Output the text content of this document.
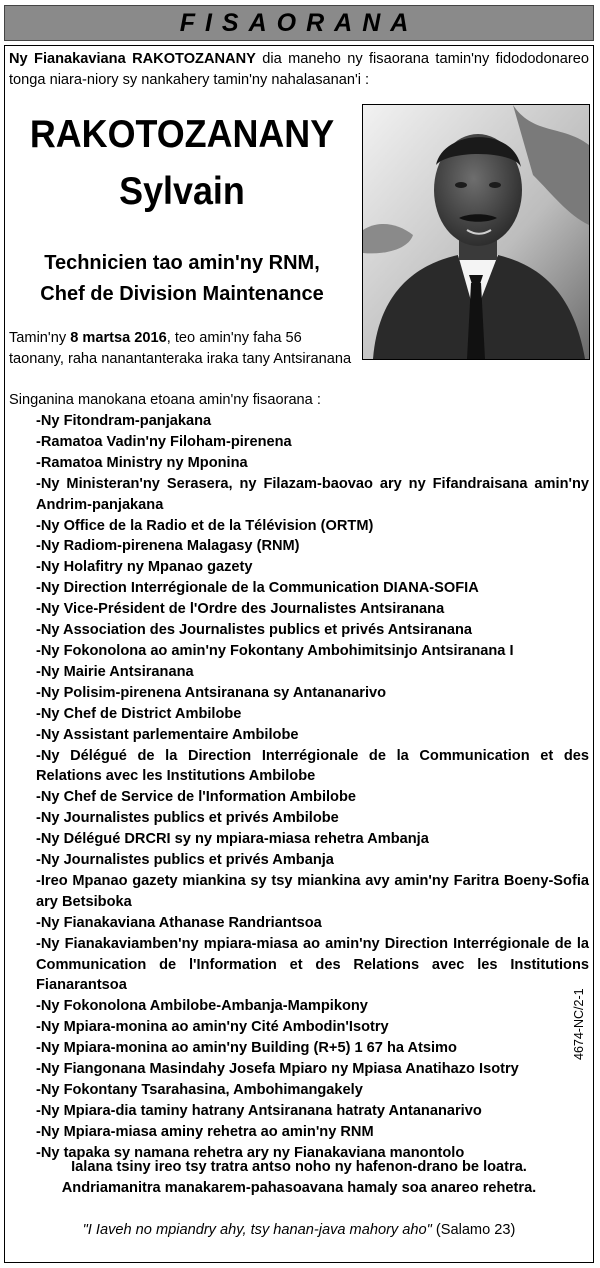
FISAORANA
Ny Fianakaviana RAKOTOZANANY dia maneho ny fisaorana tamin'ny fidododonareo tonga niara-niory sy nankahery tamin'ny nahalasanan'i :
RAKOTOZANANY
Sylvain
Technicien tao amin'ny RNM,
Chef de Division Maintenance
Tamin'ny 8 martsa 2016, teo amin'ny faha 56 taonany, raha nanantanteraka iraka tany Antsiranana
Singanina manokana etoana amin'ny fisaorana :
-Ny Fitondram-panjakana
-Ramatoa Vadin'ny Filoham-pirenena
-Ramatoa Ministry ny Mponina
-Ny Ministeran'ny Serasera, ny Filazam-baovao ary ny Fifandraisana amin'ny Andrim-panjakana
-Ny Office de la Radio et de la Télévision (ORTM)
-Ny Radiom-pirenena Malagasy (RNM)
-Ny Holafitry ny Mpanao gazety
-Ny Direction Interrégionale de la Communication DIANA-SOFIA
-Ny Vice-Président de l'Ordre des Journalistes Antsiranana
-Ny Association des Journalistes publics et privés Antsiranana
-Ny Fokonolona ao amin'ny Fokontany Ambohimitsinjo Antsiranana I
-Ny Mairie Antsiranana
-Ny Polisim-pirenena Antsiranana sy Antananarivo
-Ny Chef de District Ambilobe
-Ny Assistant parlementaire Ambilobe
-Ny Délégué de la Direction Interrégionale de la Communication et des Relations avec les Institutions Ambilobe
-Ny Chef de Service de l'Information Ambilobe
-Ny Journalistes publics et privés Ambilobe
-Ny Délégué DRCRI sy ny mpiara-miasa rehetra Ambanja
-Ny Journalistes publics et privés Ambanja
-Ireo Mpanao gazety miankina sy tsy miankina avy amin'ny Faritra Boeny-Sofia ary Betsiboka
-Ny Fianakaviana Athanase Randriantsoa
-Ny Fianakaviamben'ny mpiara-miasa ao amin'ny Direction Interrégionale de la Communication de l'Information et des Relations avec les Institutions Fianarantsoa
-Ny Fokonolona Ambilobe-Ambanja-Mampikony
-Ny Mpiara-monina ao amin'ny Cité Ambodin'Isotry
-Ny Mpiara-monina ao amin'ny Building (R+5) 1 67 ha Atsimo
-Ny Fiangonana Masindahy Josefa Mpiaro ny Mpiasa Anatihazo Isotry
-Ny Fokontany Tsarahasina, Ambohimangakely
-Ny Mpiara-dia taminy hatrany Antsiranana hatraty Antananarivo
-Ny Mpiara-miasa aminy rehetra ao amin'ny RNM
-Ny tapaka sy namana rehetra ary ny Fianakaviana manontolo
Ialana tsiny ireo tsy tratra antso noho ny hafenon-drano be loatra.
Andriamanitra manakarem-pahasoavana hamaly soa anareo rehetra.
"I Iaveh no mpiandry ahy, tsy hanan-java mahory aho" (Salamo 23)
4674-NC/2-1
